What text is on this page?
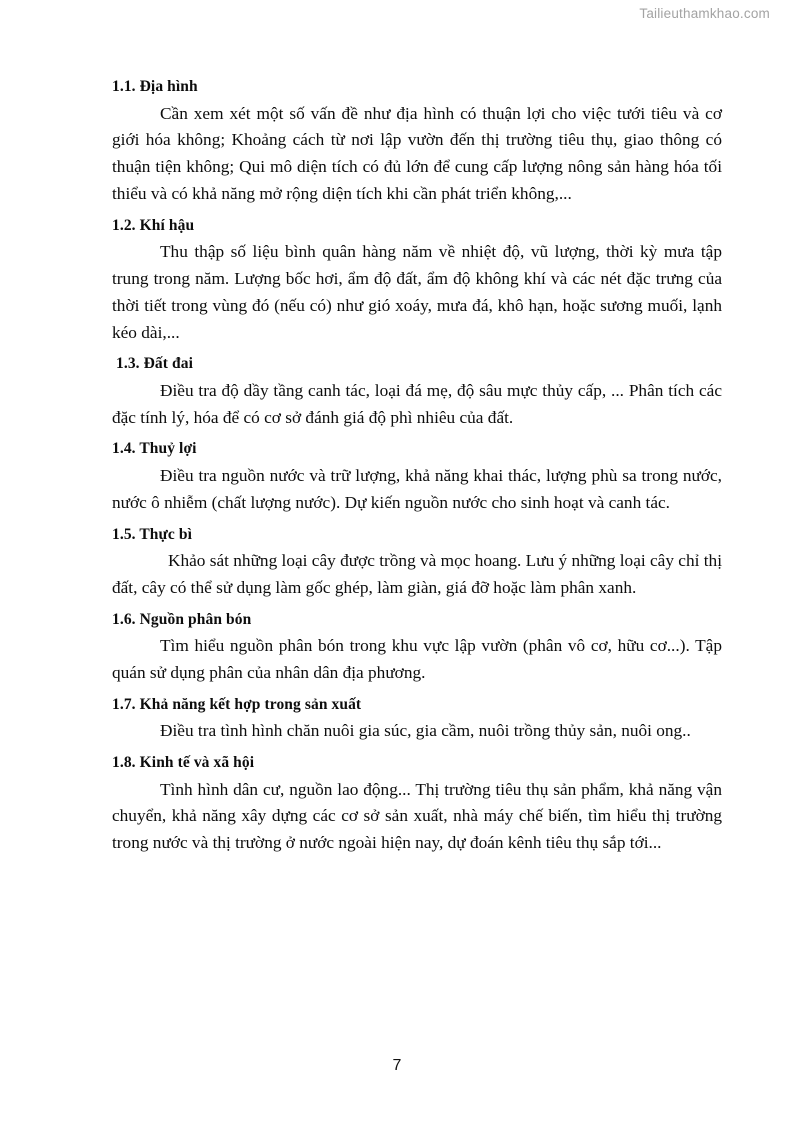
Tailieuthamkhao.com
1.1. Địa hình

Cần xem xét một số vấn đề như địa hình có thuận lợi cho việc tưới tiêu và cơ giới hóa không; Khoảng cách từ nơi lập vườn đến thị trường tiêu thụ, giao thông có thuận tiện không; Qui mô diện tích có đủ lớn để cung cấp lượng nông sản hàng hóa tối thiểu và có khả năng mở rộng diện tích khi cần phát triển không,...

1.2. Khí hậu

Thu thập số liệu bình quân hàng năm về nhiệt độ, vũ lượng, thời kỳ mưa tập trung trong năm. Lượng bốc hơi, ẩm độ đất, ẩm độ không khí và các nét đặc trưng của thời tiết trong vùng đó (nếu có) như gió xoáy, mưa đá, khô hạn, hoặc sương muối, lạnh kéo dài,...

1.3. Đất đai

Điều tra độ dầy tầng canh tác, loại đá mẹ, độ sâu mực thủy cấp, ... Phân tích các đặc tính lý, hóa để có cơ sở đánh giá độ phì nhiêu của đất.

1.4. Thuỷ lợi

Điều tra nguồn nước và trữ lượng, khả năng khai thác, lượng phù sa trong nước, nước ô nhiễm (chất lượng nước). Dự kiến nguồn nước cho sinh hoạt và canh tác.

1.5. Thực bì

Khảo sát những loại cây được trồng và mọc hoang. Lưu ý những loại cây chỉ thị đất, cây có thể sử dụng làm gốc ghép, làm giàn, giá đỡ hoặc làm phân xanh.

1.6. Nguồn phân bón

Tìm hiểu nguồn phân bón trong khu vực lập vườn (phân vô cơ, hữu cơ...). Tập quán sử dụng phân của nhân dân địa phương.

1.7. Khả năng kết hợp trong sản xuất

Điều tra tình hình chăn nuôi gia súc, gia cầm, nuôi trồng thủy sản, nuôi ong..

1.8. Kinh tế và xã hội

Tình hình dân cư, nguồn lao động... Thị trường tiêu thụ sản phẩm, khả năng vận chuyển, khả năng xây dựng các cơ sở sản xuất, nhà máy chế biến, tìm hiểu thị trường trong nước và thị trường ở nước ngoài hiện nay, dự đoán kênh tiêu thụ sắp tới...

7
